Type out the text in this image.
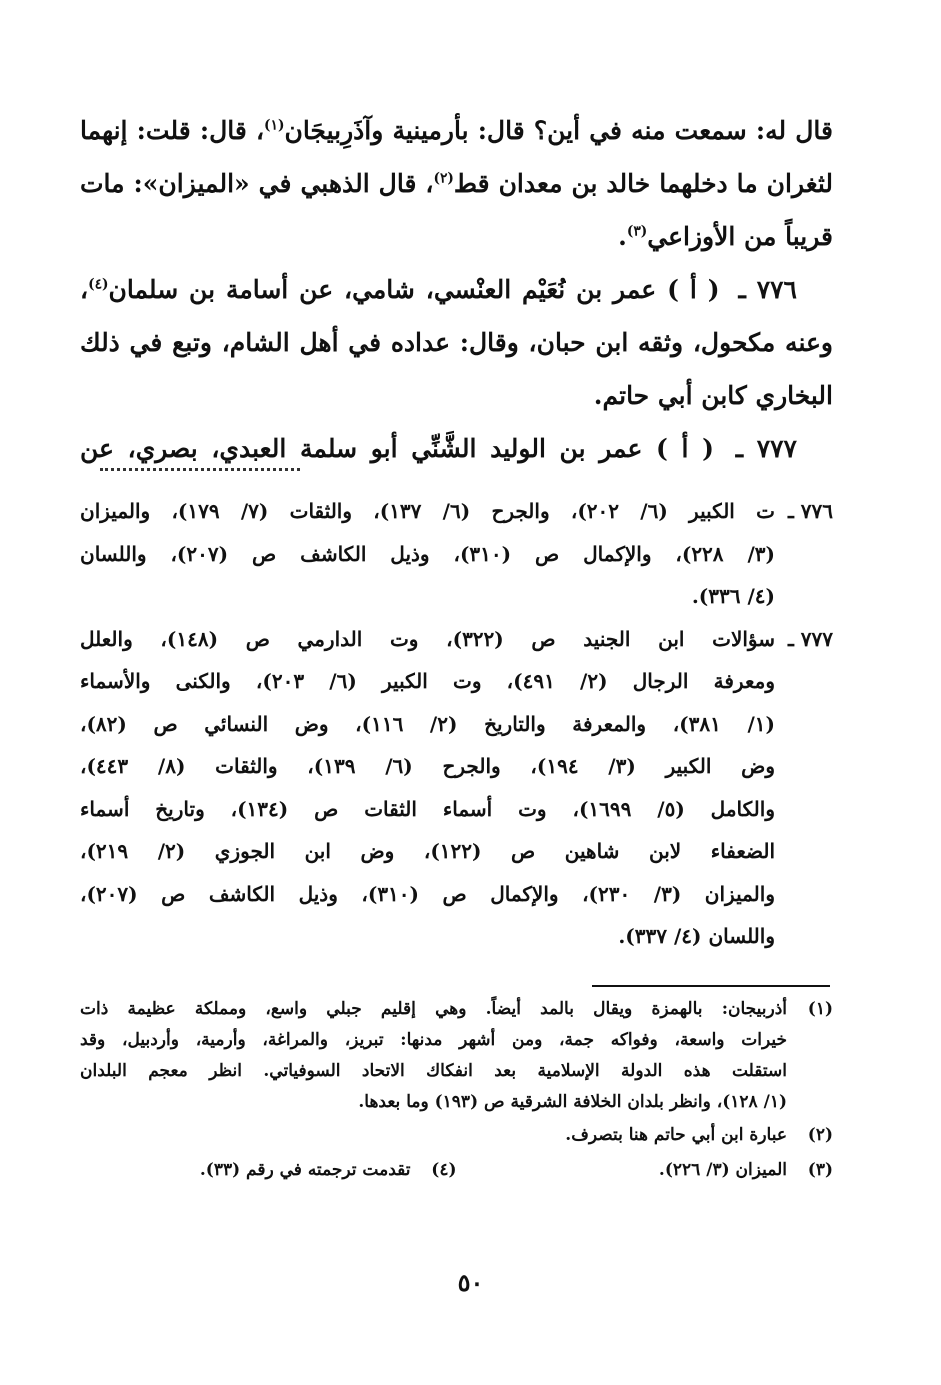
قال له: سمعت منه في أين؟ قال: بأرمينية وآذَرِبيجَان$^{(١)}$، قال: قلت: إنهما

لثغران ما دخلهما خالد بن معدان قط$^{(٢)}$، قال الذهبي في «الميزان»: مات

قريباً من الأوزاعي$^{(٣)}$.

٧٧٦ ـ ( أ ) عمر بن نُعَيْم العنْسي، شامي، عن أسامة بن سلمان$^{(٤)}$،

وعنه مكحول، وثقه ابن حبان، وقال: عداده في أهل الشام، وتبع في ذلك

البخاري كابن أبي حاتم.

٧٧٧ ـ ( أ ) عمر بن الوليد الشَّنِّي أبو سلمة العبدي، بصري، عن

٧٧٦ ـ

ت الكبير (٦/ ٢٠٢)، والجرح (٦/ ١٣٧)، والثقات (٧/ ١٧٩)، والميزان

(٣/ ٢٢٨)، والإكمال ص (٣١٠)، وذيل الكاشف ص (٢٠٧)، واللسان

(٤/ ٣٣٦).

٧٧٧ ـ

سؤالات ابن الجنيد ص (٣٢٢)، وت الدارمي ص (١٤٨)، والعلل

ومعرفة الرجال (٢/ ٤٩١)، وت الكبير (٦/ ٢٠٣)، والكنى والأسماء

(١/ ٣٨١)، والمعرفة والتاريخ (٢/ ١١٦)، وض النسائي ص (٨٢)،

وض الكبير (٣/ ١٩٤)، والجرح (٦/ ١٣٩)، والثقات (٨/ ٤٤٣)،

والكامل (٥/ ١٦٩٩)، وت أسماء الثقات ص (١٣٤)، وتاريخ أسماء

الضعفاء لابن شاهين ص (١٢٢)، وض ابن الجوزي (٢/ ٢١٩)،

والميزان (٣/ ٢٣٠)، والإكمال ص (٣١٠)، وذيل الكاشف ص (٢٠٧)،

واللسان (٤/ ٣٣٧).

(١)

أذربيجان: بالهمزة ويقال بالمد أيضاً. وهي إقليم جبلي واسع، ومملكة عظيمة ذات

خيرات واسعة، وفواكه جمة، ومن أشهر مدنها: تبريز، والمراغة، وأرمية، وأردبيل، وقد

استقلت هذه الدولة الإسلامية بعد انفكاك الاتحاد السوفياتي. انظر معجم البلدان

(١/ ١٢٨)، وانظر بلدان الخلافة الشرقية ص (١٩٣) وما بعدها.

(٢)

عبارة ابن أبي حاتم هنا بتصرف.

(٣)

الميزان (٣/ ٢٢٦).

(٤)

تقدمت ترجمته في رقم (٣٣).

٥٠
